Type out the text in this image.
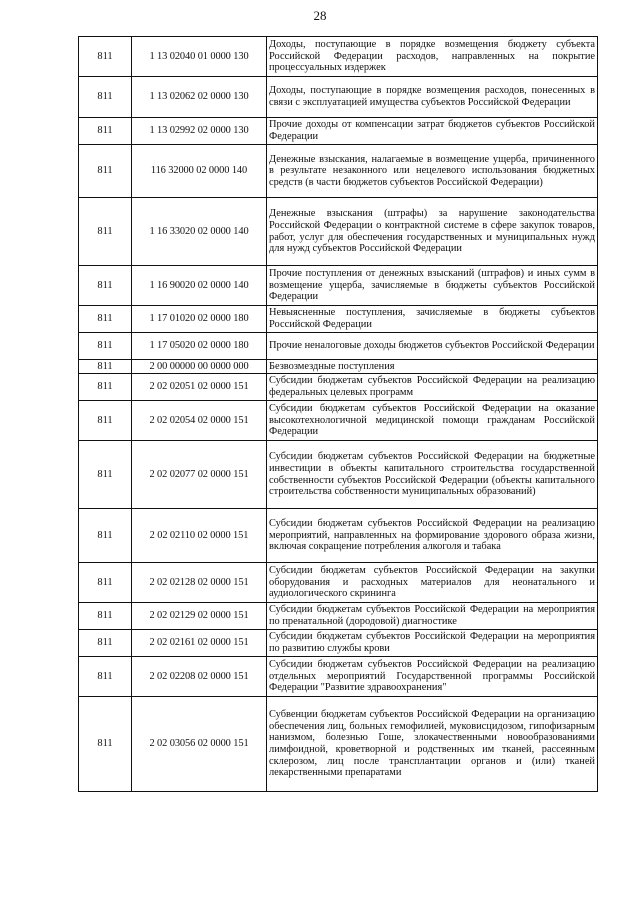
28
811	1 13 02040 01 0000 130	Доходы, поступающие в порядке возмещения бюджету субъекта Российской Федерации расходов, направленных на покрытие процессуальных издержек
811	1 13 02062 02 0000 130	Доходы, поступающие в порядке возмещения расходов, понесенных в связи с эксплуатацией имущества субъектов Российской Федерации
811	1 13 02992 02 0000 130	Прочие доходы от компенсации затрат бюджетов субъектов Российской Федерации
811	116 32000 02 0000 140	Денежные взыскания, налагаемые в возмещение ущерба, причиненного в результате незаконного или нецелевого использования бюджетных средств (в части бюджетов субъектов Российской Федерации)
811	1 16 33020 02 0000 140	Денежные взыскания (штрафы) за нарушение законодательства Российской Федерации о контрактной системе в сфере закупок товаров, работ, услуг для обеспечения государственных и муниципальных нужд для нужд субъектов Российской Федерации
811	1 16 90020 02 0000 140	Прочие поступления от денежных взысканий (штрафов) и иных сумм в возмещение ущерба, зачисляемые в бюджеты субъектов Российской Федерации
811	1 17 01020 02 0000 180	Невыясненные поступления, зачисляемые в бюджеты субъектов Российской Федерации
811	1 17 05020 02 0000 180	Прочие неналоговые доходы бюджетов субъектов Российской Федерации
811	2 00 00000 00 0000 000	Безвозмездные поступления
811	2 02 02051 02 0000 151	Субсидии бюджетам субъектов Российской Федерации на реализацию федеральных целевых программ
811	2 02 02054 02 0000 151	Субсидии бюджетам субъектов Российской Федерации на оказание высокотехнологичной медицинской помощи гражданам Российской Федерации
811	2 02 02077 02 0000 151	Субсидии бюджетам субъектов Российской Федерации на бюджетные инвестиции в объекты капитального строительства государственной собственности субъектов Российской Федерации (объекты капитального строительства собственности муниципальных образований)
811	2 02 02110 02 0000 151	Субсидии бюджетам субъектов Российской Федерации на реализацию мероприятий, направленных на формирование здорового образа жизни, включая сокращение потребления алкоголя и табака
811	2 02 02128 02 0000 151	Субсидии бюджетам субъектов Российской Федерации на закупки оборудования и расходных материалов для неонатального и аудиологического скрининга
811	2 02 02129 02 0000 151	Субсидии бюджетам субъектов Российской Федерации на мероприятия по пренатальной (дородовой) диагностике
811	2 02 02161 02 0000 151	Субсидии бюджетам субъектов Российской Федерации на мероприятия по развитию службы крови
811	2 02 02208 02 0000 151	Субсидии бюджетам субъектов Российской Федерации на реализацию отдельных мероприятий Государственной программы Российской Федерации "Развитие здравоохранения"
811	2 02 03056 02 0000 151	Субвенции бюджетам субъектов Российской Федерации на организацию обеспечения лиц, больных гемофилией, муковисцидозом, гипофизарным нанизмом, болезнью Гоше, злокачественными новообразованиями лимфоидной, кроветворной и родственных им тканей, рассеянным склерозом, лиц после трансплантации органов и (или) тканей лекарственными препаратами
